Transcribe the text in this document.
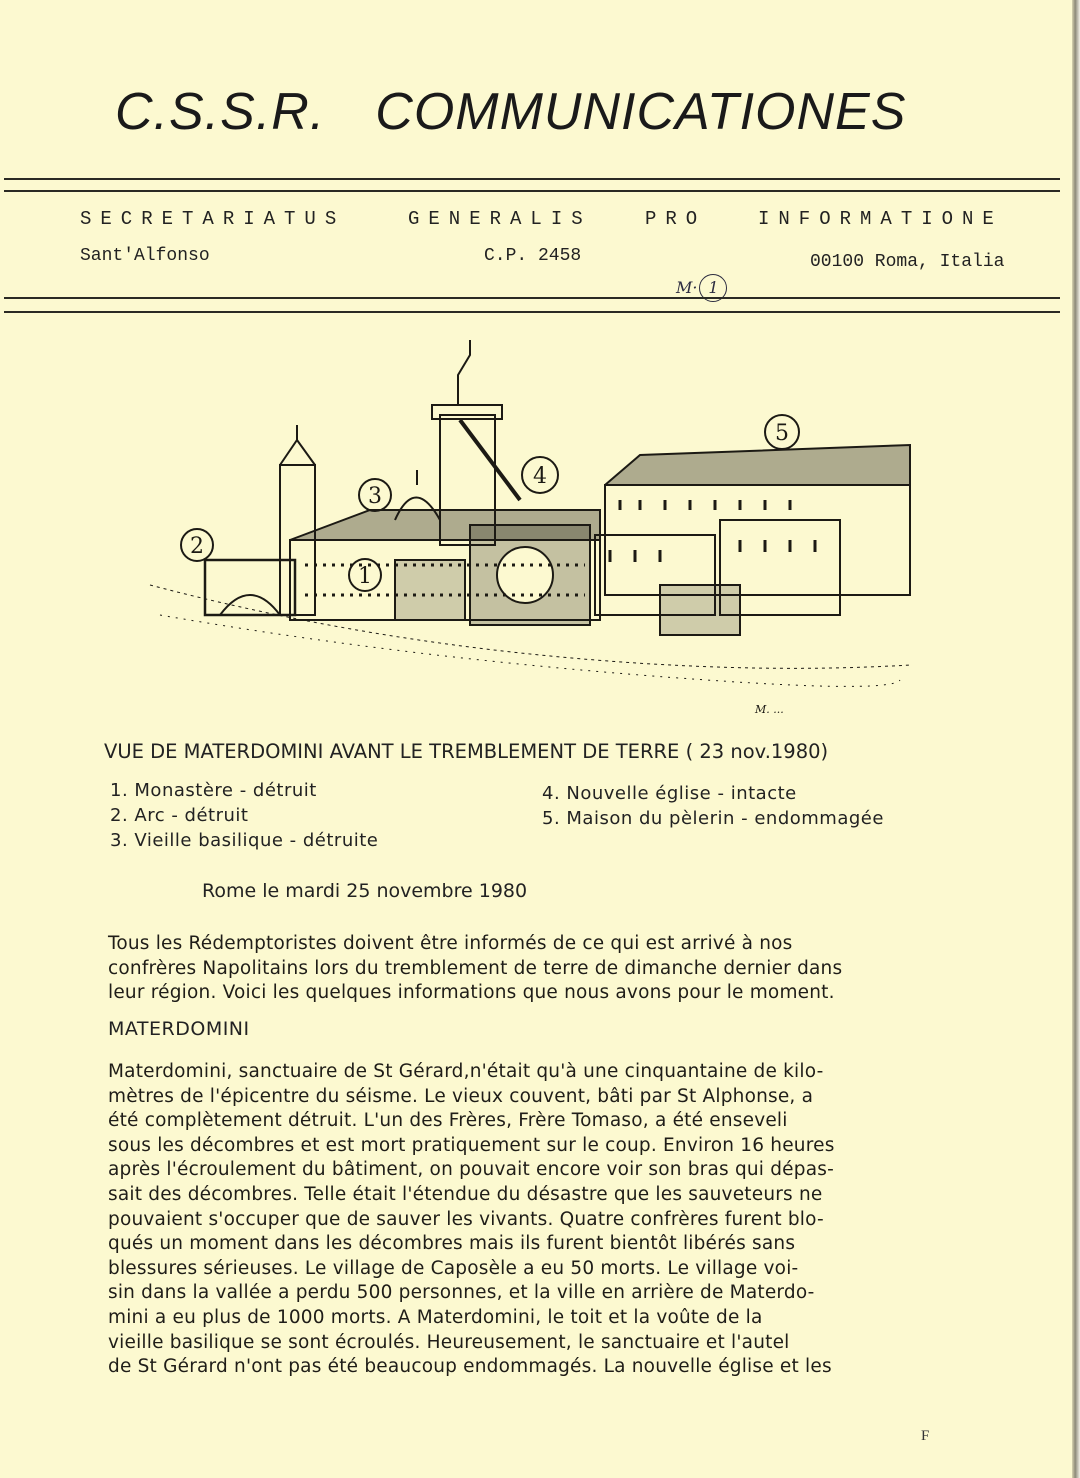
C.S.S.R. COMMUNICATIONES
SECRETARIATUS	GENERALIS	PRO	INFORMATIONE
Sant'Alfonso	C.P. 2458	00100 Roma, Italia
M· 1
2
3
1
4
5
M. ...
VUE DE MATERDOMINI AVANT LE TREMBLEMENT DE TERRE ( 23 nov.1980)
1. Monastère - détruit
2. Arc - détruit
3. Vieille basilique - détruite
4. Nouvelle église - intacte
5. Maison du pèlerin - endommagée
Rome le mardi 25 novembre 1980
Tous les Rédemptoristes doivent être informés de ce qui est arrivé à nos
confrères Napolitains lors du tremblement de terre de dimanche dernier dans
leur région. Voici les quelques informations que nous avons pour le moment.
MATERDOMINI
Materdomini, sanctuaire de St Gérard,n'était qu'à une cinquantaine de kilo-
mètres de l'épicentre du séisme. Le vieux couvent, bâti par St Alphonse, a
été complètement détruit. L'un des Frères, Frère Tomaso, a été enseveli
sous les décombres et est mort pratiquement sur le coup. Environ 16 heures
après l'écroulement du bâtiment, on pouvait encore voir son bras qui dépas-
sait des décombres. Telle était l'étendue du désastre que les sauveteurs ne
pouvaient s'occuper que de sauver les vivants. Quatre confrères furent blo-
qués un moment dans les décombres mais ils furent bientôt libérés sans
blessures sérieuses. Le village de Caposèle a eu 50 morts. Le village voi-
sin dans la vallée a perdu 500 personnes, et la ville en arrière de Materdo-
mini a eu plus de 1000 morts. A Materdomini, le toit et la voûte de la
vieille basilique se sont écroulés. Heureusement, le sanctuaire et l'autel
de St Gérard n'ont pas été beaucoup endommagés. La nouvelle église et les
F
